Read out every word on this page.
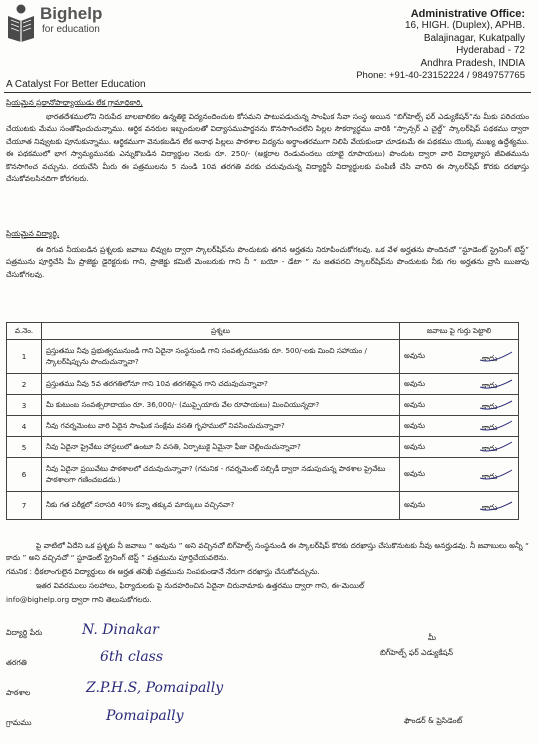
Bighelp
for education
Administrative Office:
16, HIGH. (Duplex), APHB.
Balajinagar, Kukatpally
Hyderabad - 72
Andhra Pradesh, INDIA
Phone: +91-40-23152224 / 9849757765
A Catalyst For Better Education
ప్రియమైన ప్రధానోపాధ్యాయుడు లేక గ్రామాధికారి,
భారతదేశములోని నిరుపేద బాలబాలికల ఉన్నతికై విద్యనందించుట కోసమని పాటుపడుచున్న సాంఘిక సేవా సంస్థ అయిన “బిగ్‌హెల్ప్ ఫర్ ఎడ్యుకేషన్”ను మీకు పరిచయం చేయుటకు మేము సంతోషించుచున్నాము. ఆర్థిక వనరుల ఇబ్బందులతో విద్యాసముపార్జనను కొనసాగించలేని పిల్లల సౌకర్యార్థము వారికి “స్పాన్సర్ ఎ చైల్డ్” స్కాలర్‌షిప్ పథకము ద్వారా చేయూత నివ్వుటకు పూనుకున్నాము. ఆర్థికముగా వెనుకబడిన లేక అనాథ పిల్లలు పాఠశాల విద్యను అర్థాంతరముగా నిలిపి వేయకుండా చూడటమే ఈ పథకము యొక్క ముఖ్య ఉద్దేశ్యము. ఈ పథకములో భాగ స్వామ్యమునకు ఎన్నుకొబడిన విద్యార్థుల నెలకు రూ. 250/- (అక్షరాల రెండువందలు యాభై రూపాయలు) పొందుట ద్వారా వారి విద్యాభ్యాస జీవితమును కొనసాగించ వచ్చును. దయచేసి మీరు ఈ పత్రములను 5 నుండి 10వ తరగతి వరకు చదువుచున్న విద్యార్థినీ విద్యార్థులకు పంపిణీ చేసి వారిని ఈ స్కాలర్‌షిప్ కొరకు దరఖాస్తు చేసుకోవలసినదిగా కోరగలరు.
ప్రియమైన విద్యార్థి,
ఈ దిగువ నీయబడిన ప్రశ్నలకు జవాబు లివ్వుట ద్వారా స్కాలర్‌షిప్‌ను పొందుటకు తగిన అర్హతను నిరూపించుకోగలవు. ఒక వేళ అర్హతను పొందినచో “స్టూడెంట్ స్ట్రెనింగ్ టెస్ట్” పత్రమును పూర్తిచేసి మీ ప్రాజెక్టు డైరెక్టరుకు గాని, ప్రాజెక్టు కమిటీ మెంబరుకు గాని నీ “ బయో - డేటా ” ను జతపరచి స్కాలర్‌షిప్‌ను పొందుటకు నీకు గల అర్హతను వ్రాసి ఋజువు చేసుకోగలవు.
వ.నెం.	ప్రశ్నలు	జవాబు పై గుర్తు పెట్టాలి
1	ప్రస్తుతము నీవు ప్రభుత్వమునుండి గాని ఏదైనా సంస్థనుండి గాని సంవత్సరమునకు రూ. 500/-లకు మించి సహాయం / స్కాలర్‌షిప్పును పొందుచున్నావా?	అవును కాదు

2	ప్రస్తుతము నీవు 5వ తరగతిలోనూ గాని 10వ తరగతిపైన గాని చదువుచున్నావా?	అవును కాదు

3	మీ కుటుంబ సంవత్సరాదాయం రూ. 36,000/- (ముప్పైయారు వేల రూపాయలు) మించియున్నదా?	అవును కాదు

4	నీవు గవర్నమెంటు వారి ఏదైన సాంఘిక సంక్షేమ వసతి గృహములో నివసించుచున్నావా?	అవును కాదు

5	నీవు ఏదైనా ప్రైవేటు హాస్టలులో ఉంటూ నీ వసతి, ఏర్పాటుకై ఏమైనా ఫీజు చెల్లించుచున్నావా?	అవును కాదు

6	నీవు ఏదైనా ప్రయివేటు పాఠశాలలో చదువుచున్నావా? (గమనిక - గవర్నమెంట్ సబ్సిడీ ద్వారా నడుపుచున్న పాఠశాల ప్రైవేటు పాఠశాలగా గణించబడదు.)	అవును కాదు

7	నీకు గత పరీక్షలో సరాసరి 40% కన్నా తక్కువ మార్కులు వచ్చినవా?	అవును కాదు
పై వాటిలో ఏదేని ఒక ప్రశ్నకు నీ జవాబు “ అవును ” అని వచ్చినచో బిగ్‌హెల్ప్ సంస్థనుండి ఈ స్కాలర్‌షిప్ కొరకు దరఖాస్తు చేసుకొనుటకు నీవు అనర్హుడవు. నీ జవాబులు అన్నీ “ కాదు ” అని వచ్చినచో “ స్టూడెంట్ స్ట్రెనింగ్ టెస్ట్ ” పత్రమును పూర్తిచేయవలెను.
గమనిక : ధీకలాంగులైన విద్యార్థులు ఈ అర్హత తనిఖీ పత్రమును నింపకుండానే నేరుగా దరఖాస్తు చేసుకోవచ్చును.
ఇతర వివరములు సలహాలు, ఫిర్యాదులకు పై నుదహరించిన ఏదైనా చిరునామాకు ఉత్తరము ద్వారా గాని, ఈ-మెయిల్
info@bighelp.org ద్వారా గాని తెలుసుకోగలరు.
విద్యార్థి పేరు	N. Dinakar
తరగతి	6th class
పాఠశాల	Z.P.H.S, Pomaipally
గ్రామము	Pomaipally
మీ
బిగ్‌హెల్ప్ ఫర్ ఎడ్యుకేషన్
ఫౌండర్ & ప్రెసిడెంట్
